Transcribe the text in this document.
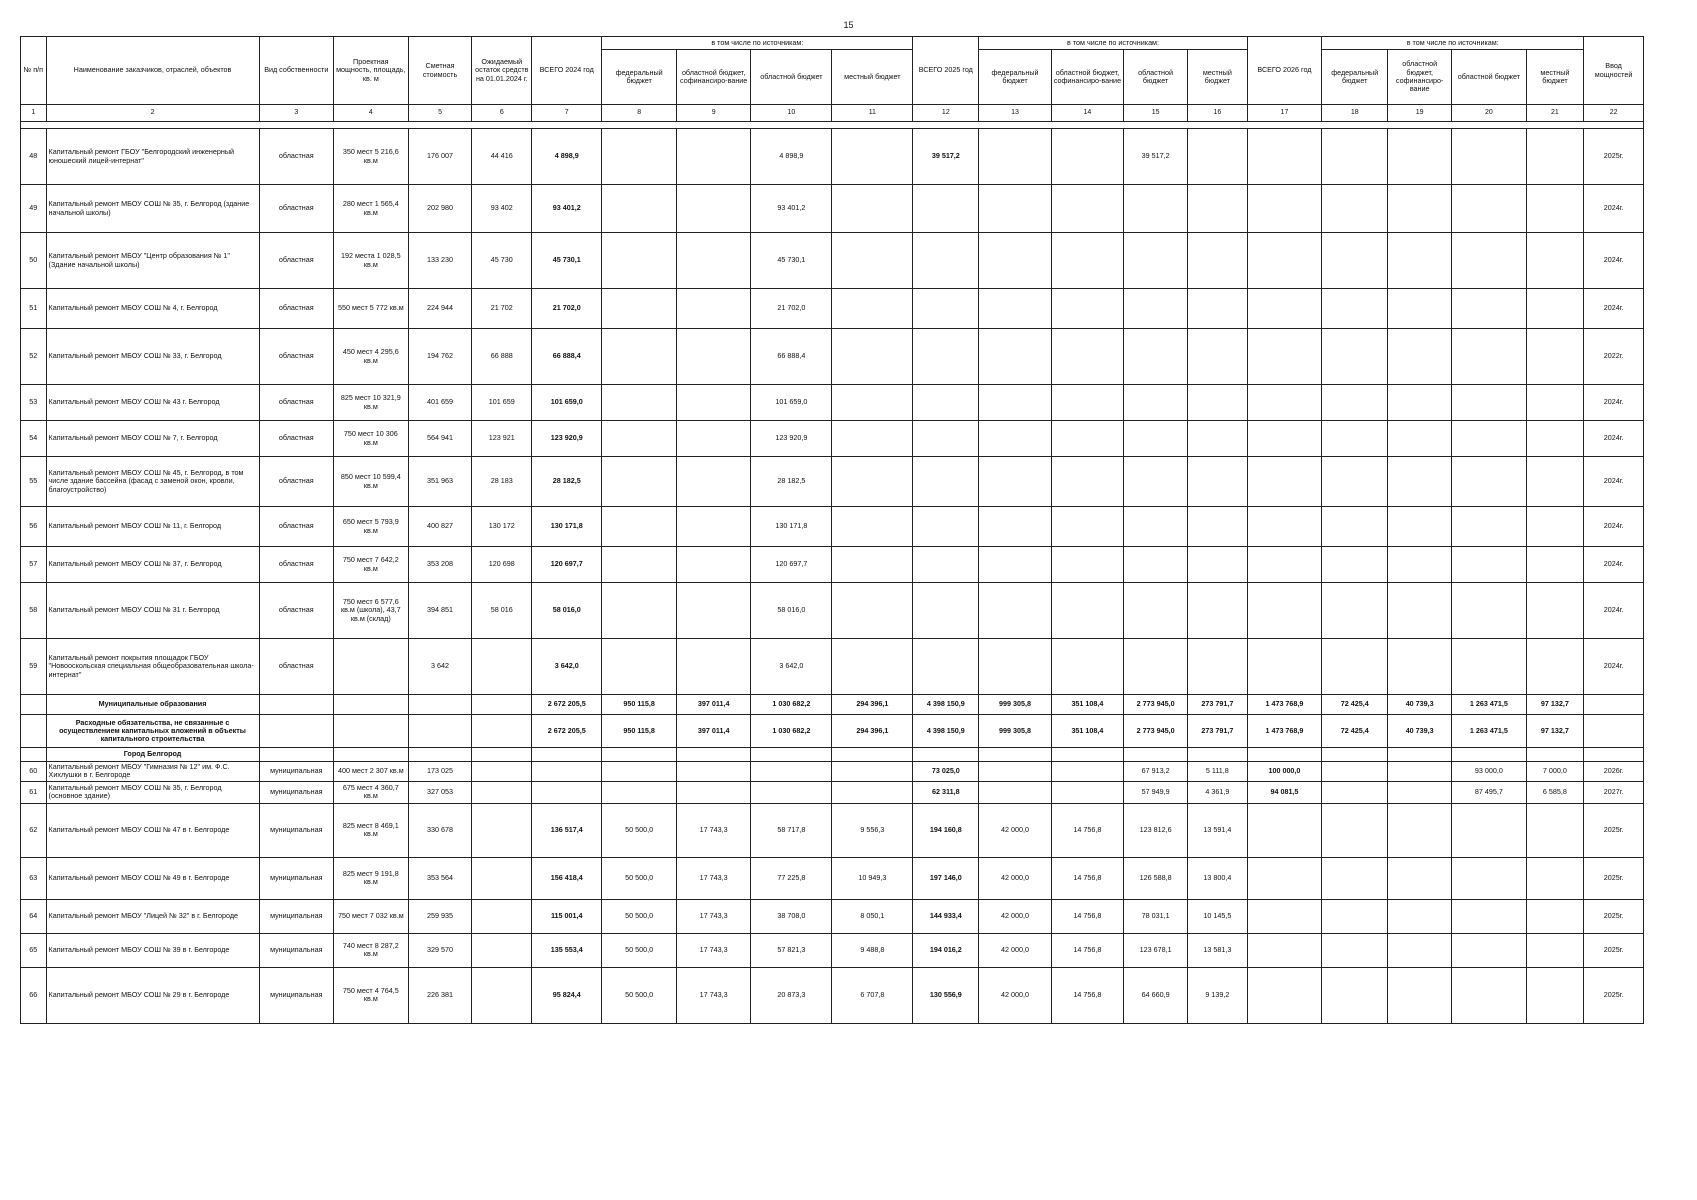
15
№ п/п	Наименование заказчиков, отраслей, объектов	Вид собственности	Проектная мощность, площадь, кв. м	Сметная стоимость	Ожидаемый остаток средств на 01.01.2024 г.	ВСЕГО 2024 год	в том числе по источникам:				ВСЕГО 2025 год	в том числе по источникам:				ВСЕГО 2026 год	в том числе по источникам:				Ввод мощностей
							федеральный бюджет	областной бюджет, софинансиро-вание	областной бюджет	местный бюджет		федеральный бюджет	областной бюджет, софинансиро-вание	областной бюджет	местный бюджет		федеральный бюджет	областной бюджет, софинансиро-вание	областной бюджет	местный бюджет	
1	2	3	4	5	6	7	8	9	10	11	12	13	14	15	16	17	18	19	20	21	22

48	Капитальный ремонт ГБОУ "Белгородский инженерный юношеский лицей-интернат"	областная	350 мест 5 216,6 кв.м	176 007	44 416	4 898,9			4 898,9		39 517,2			39 517,2							2025г.
49	Капитальный ремонт МБОУ СОШ № 35, г. Белгород (здание начальной школы)	областная	280 мест 1 565,4 кв.м	202 980	93 402	93 401,2			93 401,2												2024г.
50	Капитальный ремонт МБОУ "Центр образования № 1" (Здание начальной школы)	областная	192 места 1 028,5 кв.м	133 230	45 730	45 730,1			45 730,1												2024г.
51	Капитальный ремонт МБОУ СОШ № 4, г. Белгород	областная	550 мест 5 772 кв.м	224 944	21 702	21 702,0			21 702,0												2024г.
52	Капитальный ремонт МБОУ СОШ № 33, г. Белгород	областная	450 мест 4 295,6 кв.м	194 762	66 888	66 888,4			66 888,4												2022г.
53	Капитальный ремонт МБОУ СОШ № 43 г. Белгород	областная	825 мест 10 321,9 кв.м	401 659	101 659	101 659,0			101 659,0												2024г.
54	Капитальный ремонт МБОУ СОШ № 7, г. Белгород	областная	750 мест 10 306 кв.м	564 941	123 921	123 920,9			123 920,9												2024г.
55	Капитальный ремонт МБОУ СОШ № 45, г. Белгород, в том числе здание бассейна (фасад с заменой окон, кровли, благоустройство)	областная	850 мест 10 599,4 кв.м	351 963	28 183	28 182,5			28 182,5												2024г.
56	Капитальный ремонт МБОУ СОШ № 11, г. Белгород	областная	650 мест 5 793,9 кв.м	400 827	130 172	130 171,8			130 171,8												2024г.
57	Капитальный ремонт МБОУ СОШ № 37, г. Белгород	областная	750 мест 7 642,2 кв.м	353 208	120 698	120 697,7			120 697,7												2024г.
58	Капитальный ремонт МБОУ СОШ № 31 г. Белгород	областная	750 мест 6 577,6 кв.м (школа), 43,7 кв.м (склад)	394 851	58 016	58 016,0			58 016,0												2024г.
59	Капитальный ремонт покрытия площадок ГБОУ "Новооскольская специальная общеобразовательная школа-интернат"	областная		3 642		3 642,0			3 642,0												2024г.
	Муниципальные образования					2 672 205,5	950 115,8	397 011,4	1 030 682,2	294 396,1	4 398 150,9	999 305,8	351 108,4	2 773 945,0	273 791,7	1 473 768,9	72 425,4	40 739,3	1 263 471,5	97 132,7	
	Расходные обязательства, не связанные с осуществлением капитальных вложений в объекты капитального строительства					2 672 205,5	950 115,8	397 011,4	1 030 682,2	294 396,1	4 398 150,9	999 305,8	351 108,4	2 773 945,0	273 791,7	1 473 768,9	72 425,4	40 739,3	1 263 471,5	97 132,7	
	Город Белгород																				
60	Капитальный ремонт МБОУ "Гимназия № 12" им. Ф.С. Хихлушки в г. Белгороде	муниципальная	400 мест 2 307 кв.м	173 025							73 025,0			67 913,2	5 111,8	100 000,0			93 000,0	7 000,0	2026г.
61	Капитальный ремонт МБОУ СОШ № 35, г. Белгород (основное здание)	муниципальная	675 мест 4 360,7 кв.м	327 053							62 311,8			57 949,9	4 361,9	94 081,5			87 495,7	6 585,8	2027г.
62	Капитальный ремонт МБОУ СОШ № 47 в г. Белгороде	муниципальная	825 мест 8 469,1 кв.м	330 678		136 517,4	50 500,0	17 743,3	58 717,8	9 556,3	194 160,8	42 000,0	14 756,8	123 812,6	13 591,4						2025г.
63	Капитальный ремонт МБОУ СОШ № 49 в г. Белгороде	муниципальная	825 мест 9 191,8 кв.м	353 564		156 418,4	50 500,0	17 743,3	77 225,8	10 949,3	197 146,0	42 000,0	14 756,8	126 588,8	13 800,4						2025г.
64	Капитальный ремонт МБОУ "Лицей № 32" в г. Белгороде	муниципальная	750 мест 7 032 кв.м	259 935		115 001,4	50 500,0	17 743,3	38 708,0	8 050,1	144 933,4	42 000,0	14 756,8	78 031,1	10 145,5						2025г.
65	Капитальный ремонт МБОУ СОШ № 39 в г. Белгороде	муниципальная	740 мест 8 287,2 кв.м	329 570		135 553,4	50 500,0	17 743,3	57 821,3	9 488,8	194 016,2	42 000,0	14 756,8	123 678,1	13 581,3						2025г.
66	Капитальный ремонт МБОУ СОШ № 29 в г. Белгороде	муниципальная	750 мест 4 764,5 кв.м	226 381		95 824,4	50 500,0	17 743,3	20 873,3	6 707,8	130 556,9	42 000,0	14 756,8	64 660,9	9 139,2						2025г.
